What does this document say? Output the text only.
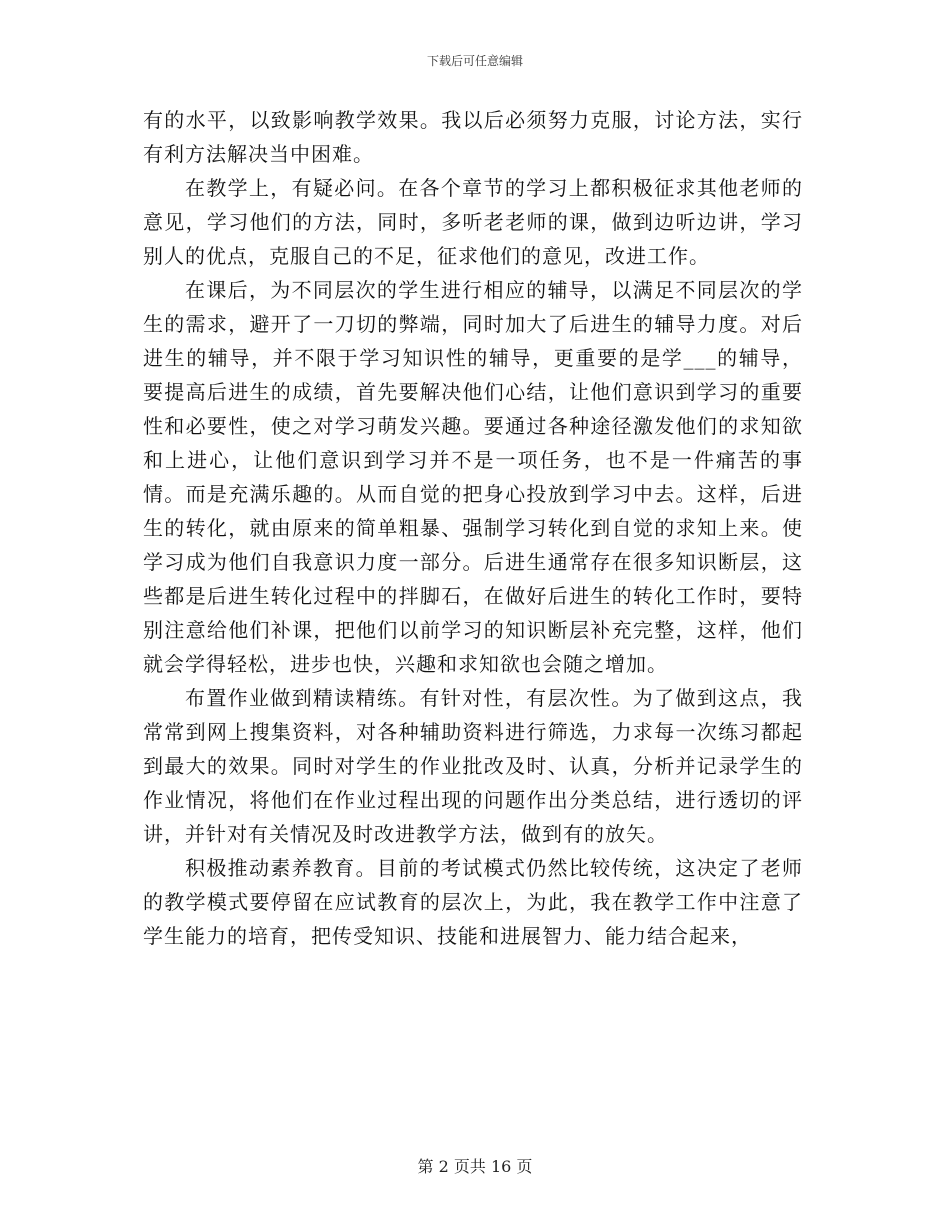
下载后可任意编辑

有的水平，以致影响教学效果。我以后必须努力克服，讨论方法，实行有利方法解决当中困难。

在教学上，有疑必问。在各个章节的学习上都积极征求其他老师的意见，学习他们的方法，同时，多听老老师的课，做到边听边讲，学习别人的优点，克服自己的不足，征求他们的意见，改进工作。

在课后，为不同层次的学生进行相应的辅导，以满足不同层次的学生的需求，避开了一刀切的弊端，同时加大了后进生的辅导力度。对后进生的辅导，并不限于学习知识性的辅导，更重要的是学___的辅导，要提高后进生的成绩，首先要解决他们心结，让他们意识到学习的重要性和必要性，使之对学习萌发兴趣。要通过各种途径激发他们的求知欲和上进心，让他们意识到学习并不是一项任务，也不是一件痛苦的事情。而是充满乐趣的。从而自觉的把身心投放到学习中去。这样，后进生的转化，就由原来的简单粗暴、强制学习转化到自觉的求知上来。使学习成为他们自我意识力度一部分。后进生通常存在很多知识断层，这些都是后进生转化过程中的拌脚石，在做好后进生的转化工作时，要特别注意给他们补课，把他们以前学习的知识断层补充完整，这样，他们就会学得轻松，进步也快，兴趣和求知欲也会随之增加。

布置作业做到精读精练。有针对性，有层次性。为了做到这点，我常常到网上搜集资料，对各种辅助资料进行筛选，力求每一次练习都起到最大的效果。同时对学生的作业批改及时、认真，分析并记录学生的作业情况，将他们在作业过程出现的问题作出分类总结，进行透切的评讲，并针对有关情况及时改进教学方法，做到有的放矢。

积极推动素养教育。目前的考试模式仍然比较传统，这决定了老师的教学模式要停留在应试教育的层次上，为此，我在教学工作中注意了学生能力的培育，把传受知识、技能和进展智力、能力结合起来，

第 2 页共 16 页
